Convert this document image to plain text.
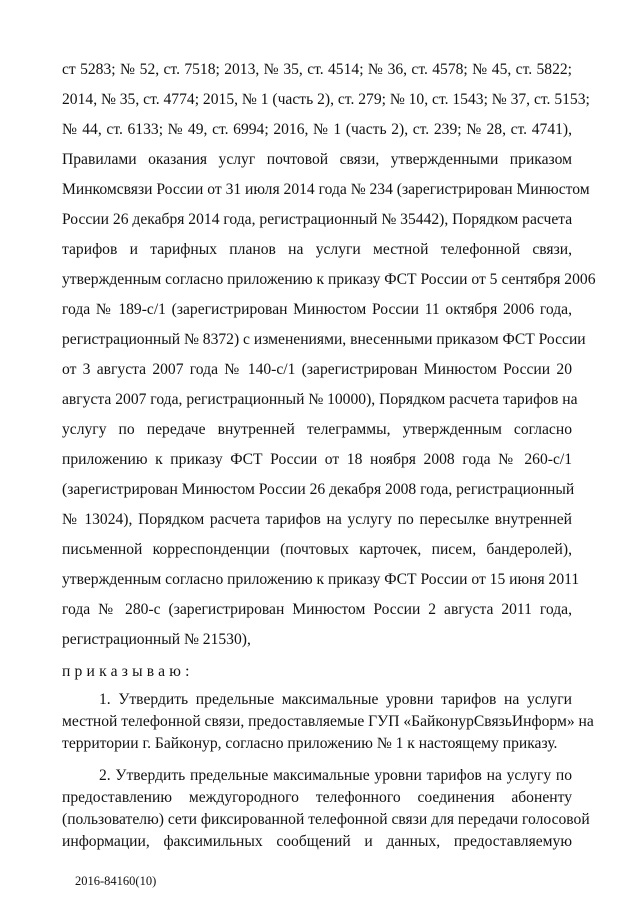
ст 5283; № 52, ст. 7518; 2013, № 35, ст. 4514; № 36, ст. 4578; № 45, ст. 5822;
2014, № 35, ст. 4774; 2015, № 1 (часть 2), ст. 279; № 10, ст. 1543; № 37, ст. 5153;
№ 44, ст. 6133; № 49, ст. 6994; 2016, № 1 (часть 2), ст. 239; № 28, ст. 4741),
Правилами оказания услуг почтовой связи, утвержденными приказом
Минкомсвязи России от 31 июля 2014 года № 234 (зарегистрирован Минюстом
России 26 декабря 2014 года, регистрационный № 35442), Порядком расчета
тарифов и тарифных планов на услуги местной телефонной связи,
утвержденным согласно приложению к приказу ФСТ России от 5 сентября 2006
года № 189-с/1 (зарегистрирован Минюстом России 11 октября 2006 года,
регистрационный № 8372) с изменениями, внесенными приказом ФСТ России
от 3 августа 2007 года № 140-с/1 (зарегистрирован Минюстом России 20
августа 2007 года, регистрационный № 10000), Порядком расчета тарифов на
услугу по передаче внутренней телеграммы, утвержденным согласно
приложению к приказу ФСТ России от 18 ноября 2008 года № 260-с/1
(зарегистрирован Минюстом России 26 декабря 2008 года, регистрационный
№ 13024), Порядком расчета тарифов на услугу по пересылке внутренней
письменной корреспонденции (почтовых карточек, писем, бандеролей),
утвержденным согласно приложению к приказу ФСТ России от 15 июня 2011
года № 280-с (зарегистрирован Минюстом России 2 августа 2011 года,
регистрационный № 21530),
приказываю:
1. Утвердить предельные максимальные уровни тарифов на услуги
местной телефонной связи, предоставляемые ГУП «БайконурСвязьИнформ» на
территории г. Байконур, согласно приложению № 1 к настоящему приказу.
2. Утвердить предельные максимальные уровни тарифов на услугу по
предоставлению междугородного телефонного соединения абоненту
(пользователю) сети фиксированной телефонной связи для передачи голосовой
2016-84160(10)
информации, факсимильных сообщений и данных, предоставляемую
